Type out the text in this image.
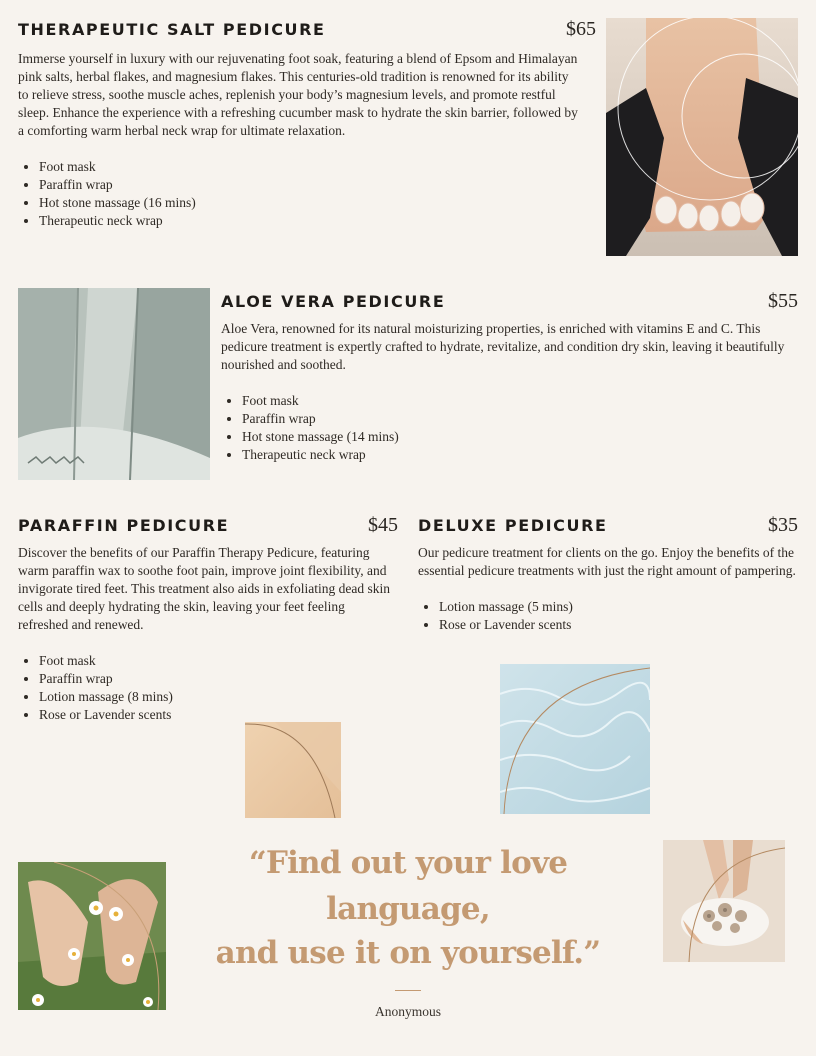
THERAPEUTIC SALT PEDICURE	$65

Immerse yourself in luxury with our rejuvenating foot soak, featuring a blend of Epsom and Himalayan pink salts, herbal flakes, and magnesium flakes. This centuries-old tradition is renowned for its ability to relieve stress, soothe muscle aches, replenish your body’s magnesium levels, and promote restful sleep. Enhance the experience with a refreshing cucumber mask to hydrate the skin barrier, followed by a comforting warm herbal neck wrap for ultimate relaxation.

• Foot mask
• Paraffin wrap
• Hot stone massage (16 mins)
• Therapeutic neck wrap
ALOE VERA PEDICURE	$55

Aloe Vera, renowned for its natural moisturizing properties, is enriched with vitamins E and C. This pedicure treatment is expertly crafted to hydrate, revitalize, and condition dry skin, leaving it beautifully nourished and soothed.

• Foot mask
• Paraffin wrap
• Hot stone massage (14 mins)
• Therapeutic neck wrap
PARAFFIN PEDICURE	$45

Discover the benefits of our Paraffin Therapy Pedicure, featuring warm paraffin wax to soothe foot pain, improve joint flexibility, and invigorate tired feet. This treatment also aids in exfoliating dead skin cells and deeply hydrating the skin, leaving your feet feeling refreshed and renewed.

• Foot mask
• Paraffin wrap
• Lotion massage (8 mins)
• Rose or Lavender scents
DELUXE PEDICURE	$35

Our pedicure treatment for clients on the go. Enjoy the benefits of the essential pedicure treatments with just the right amount of pampering.

• Lotion massage (5 mins)
• Rose or Lavender scents

“Find out your love language,

and use it on yourself.”

Anonymous
